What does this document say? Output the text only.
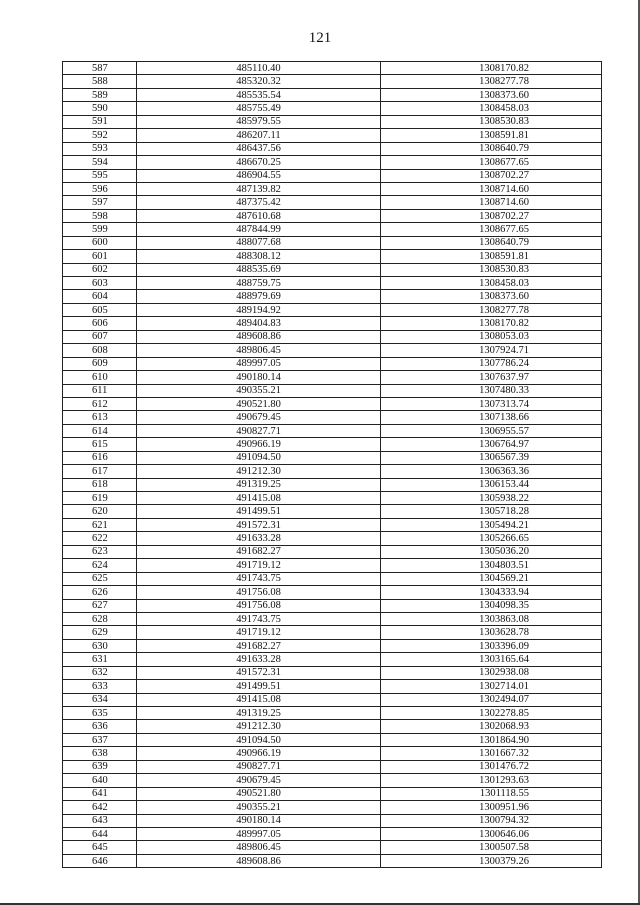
121
587	485110.40	1308170.82
588	485320.32	1308277.78
589	485535.54	1308373.60
590	485755.49	1308458.03
591	485979.55	1308530.83
592	486207.11	1308591.81
593	486437.56	1308640.79
594	486670.25	1308677.65
595	486904.55	1308702.27
596	487139.82	1308714.60
597	487375.42	1308714.60
598	487610.68	1308702.27
599	487844.99	1308677.65
600	488077.68	1308640.79
601	488308.12	1308591.81
602	488535.69	1308530.83
603	488759.75	1308458.03
604	488979.69	1308373.60
605	489194.92	1308277.78
606	489404.83	1308170.82
607	489608.86	1308053.03
608	489806.45	1307924.71
609	489997.05	1307786.24
610	490180.14	1307637.97
611	490355.21	1307480.33
612	490521.80	1307313.74
613	490679.45	1307138.66
614	490827.71	1306955.57
615	490966.19	1306764.97
616	491094.50	1306567.39
617	491212.30	1306363.36
618	491319.25	1306153.44
619	491415.08	1305938.22
620	491499.51	1305718.28
621	491572.31	1305494.21
622	491633.28	1305266.65
623	491682.27	1305036.20
624	491719.12	1304803.51
625	491743.75	1304569.21
626	491756.08	1304333.94
627	491756.08	1304098.35
628	491743.75	1303863.08
629	491719.12	1303628.78
630	491682.27	1303396.09
631	491633.28	1303165.64
632	491572.31	1302938.08
633	491499.51	1302714.01
634	491415.08	1302494.07
635	491319.25	1302278.85
636	491212.30	1302068.93
637	491094.50	1301864.90
638	490966.19	1301667.32
639	490827.71	1301476.72
640	490679.45	1301293.63
641	490521.80	1301118.55
642	490355.21	1300951.96
643	490180.14	1300794.32
644	489997.05	1300646.06
645	489806.45	1300507.58
646	489608.86	1300379.26
